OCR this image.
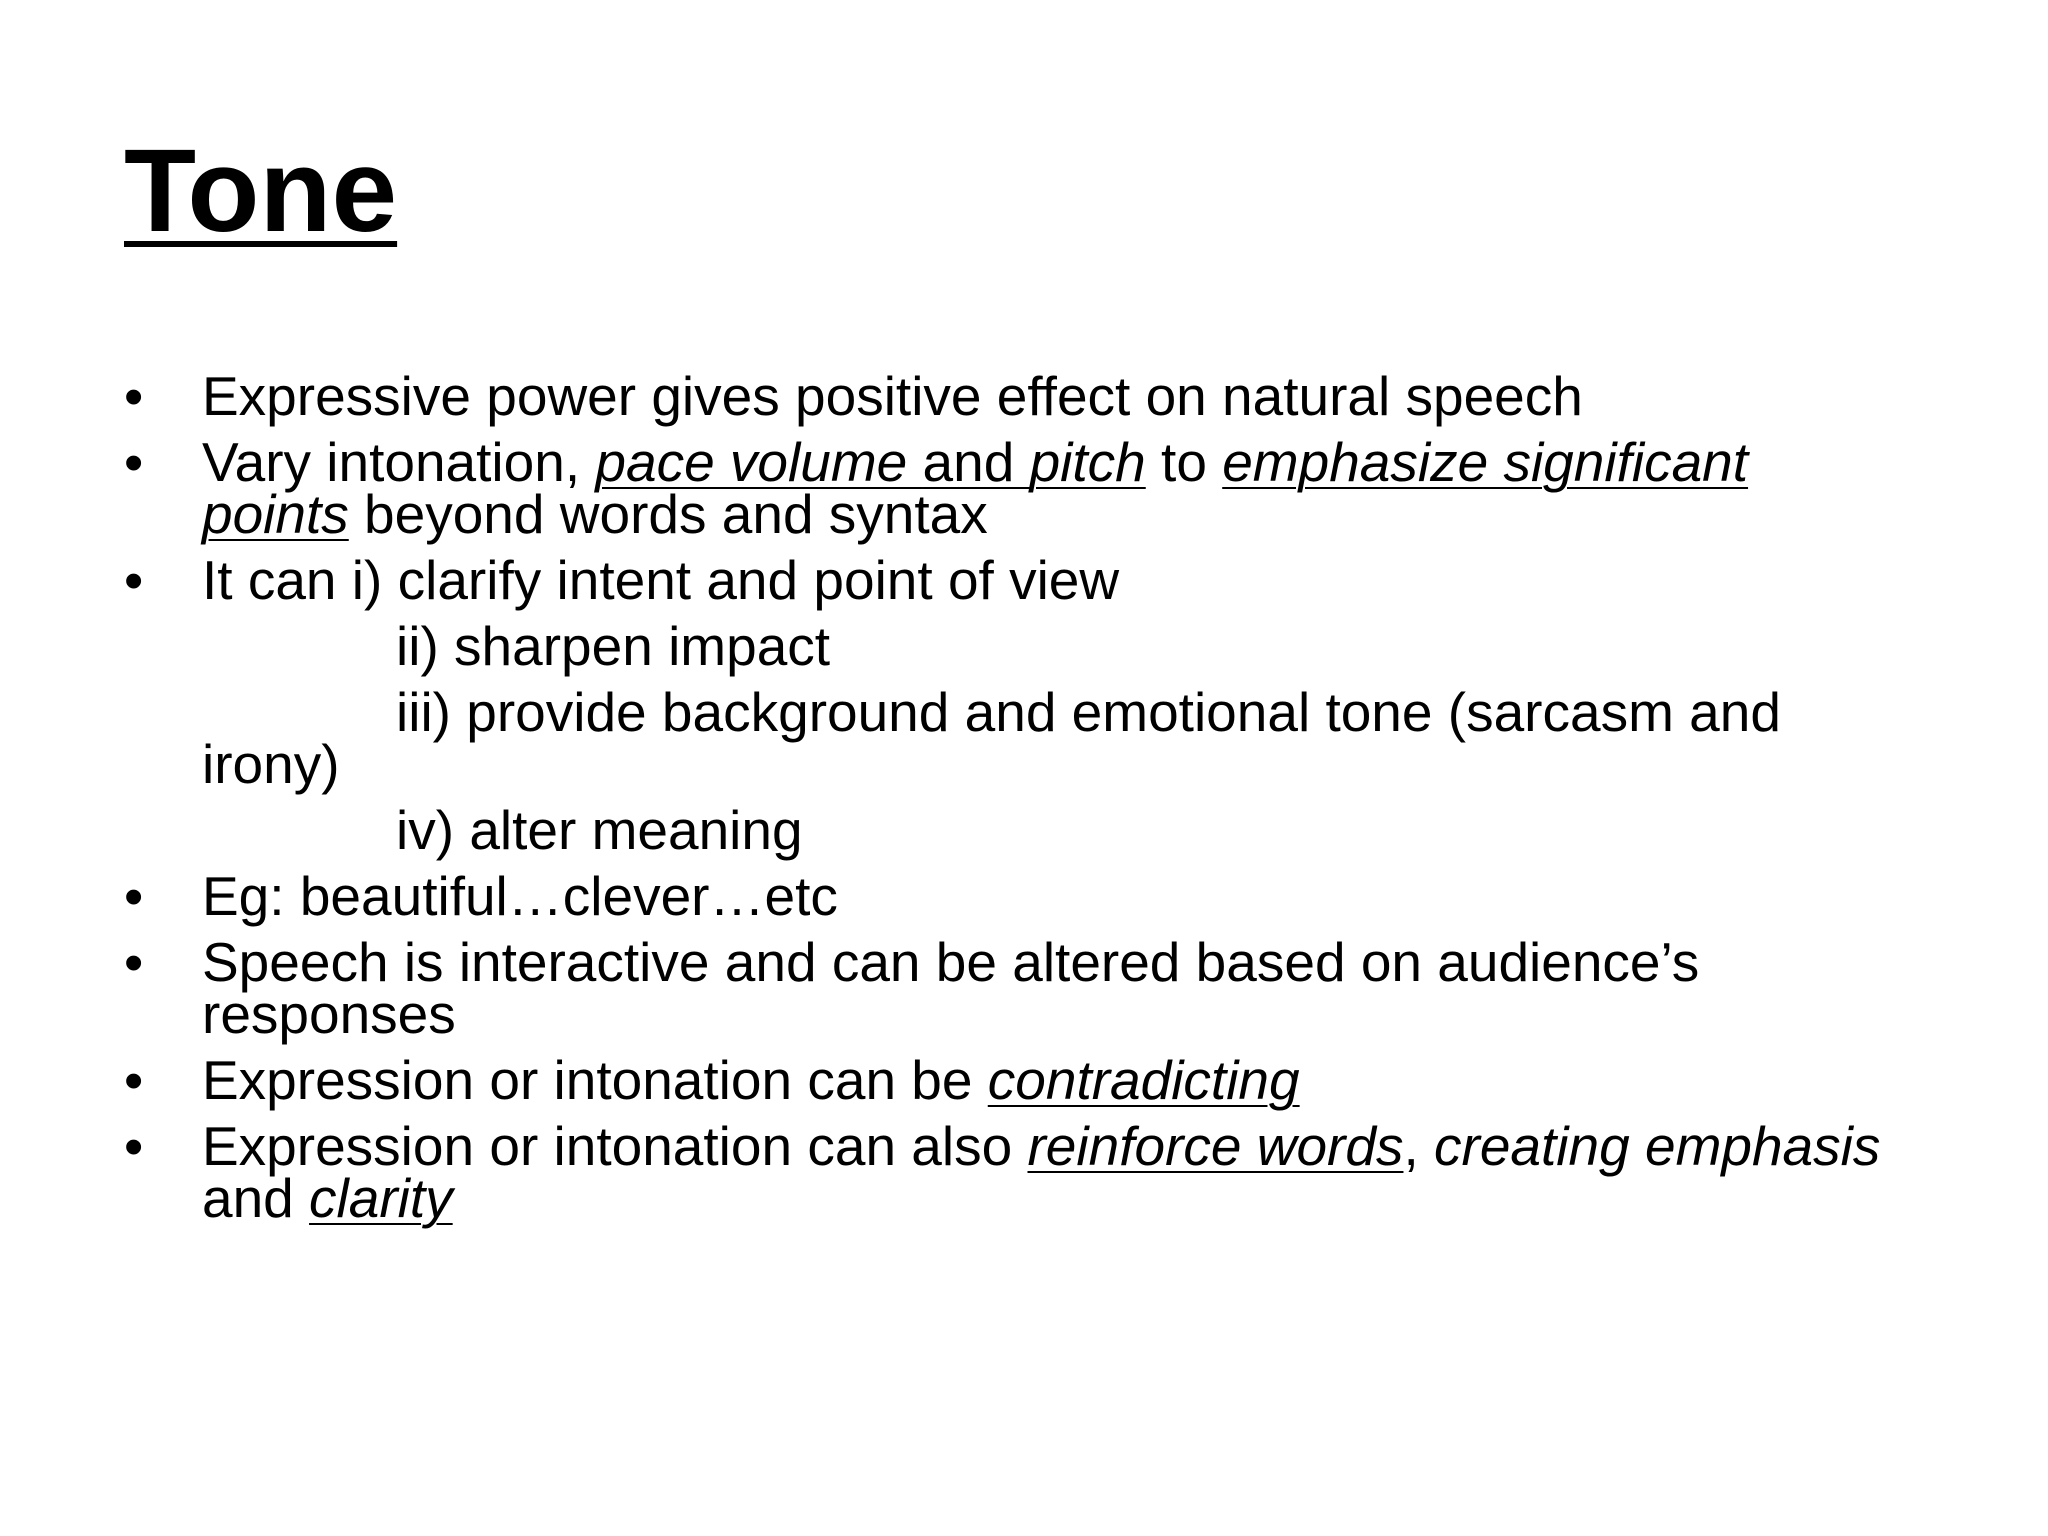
Tone
•	Expressive power gives positive effect on natural speech
•	Vary intonation, pace volume and pitch to emphasize significant points beyond words and syntax
•	It can i) clarify intent and point of view
ii) sharpen impact
iii) provide background and emotional tone (sarcasm and irony)
iv) alter meaning
•	Eg: beautiful…clever…etc
•	Speech is interactive and can be altered based on audience’s responses
•	Expression or intonation can be contradicting
•	Expression or intonation can also reinforce words, creating emphasis and clarity
